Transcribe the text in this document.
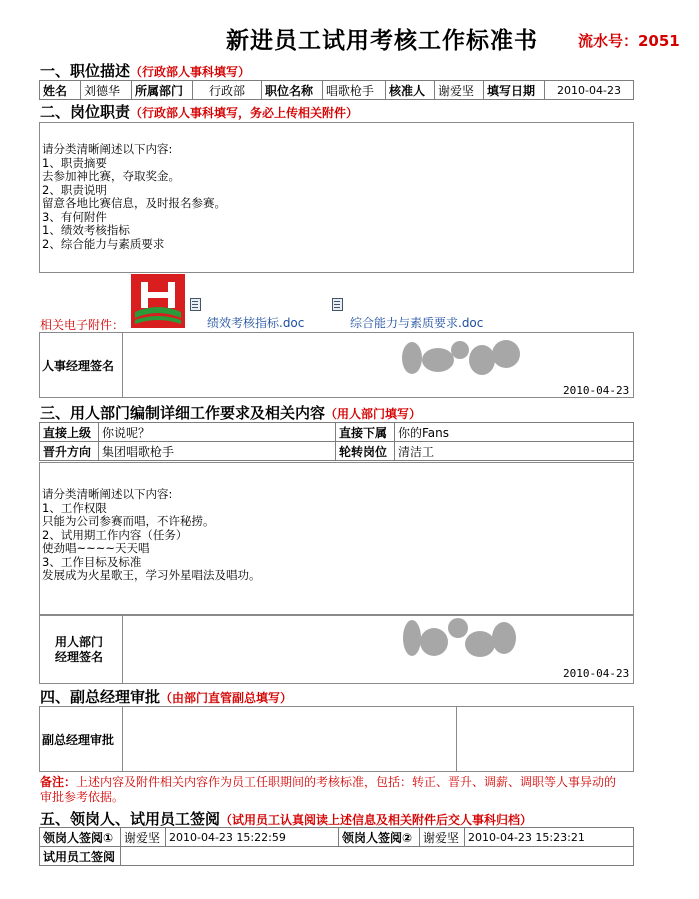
新进员工试用考核工作标准书	流水号：2051
一、职位描述（行政部人事科填写）
姓名	刘德华	所属部门	行政部	职位名称	唱歌枪手	核准人	谢爱坚	填写日期	2010-04-23
二、岗位职责（行政部人事科填写，务必上传相关附件）
请分类清晰阐述以下内容:
1、职责摘要
去参加神比赛，夺取奖金。
2、职责说明
留意各地比赛信息，及时报名参赛。
3、有何附件
1、绩效考核指标
2、综合能力与素质要求
相关电子附件：	绩效考核指标.doc	综合能力与素质要求.doc
人事经理签名
2010-04-23
三、用人部门编制详细工作要求及相关内容（用人部门填写）
直接上级	你说呢？	直接下属	你的Fans
晋升方向	集团唱歌枪手	轮转岗位	清洁工
请分类清晰阐述以下内容:
1、工作权限
只能为公司参赛而唱，不许秘捞。
2、试用期工作内容（任务）
使劲唱~~~~天天唱
3、工作目标及标准
发展成为火星歌王，学习外星唱法及唱功。
用人部门
经理签名
2010-04-23
四、副总经理审批（由部门直管副总填写）
副总经理审批
备注：上述内容及附件相关内容作为员工任职期间的考核标准，包括：转正、晋升、调薪、调职等人事异动的
审批参考依据。
五、领岗人、试用员工签阅（试用员工认真阅读上述信息及相关附件后交人事科归档）
领岗人签阅①	谢爱坚	2010-04-23 15:22:59	领岗人签阅②	谢爱坚	2010-04-23 15:23:21
试用员工签阅					
